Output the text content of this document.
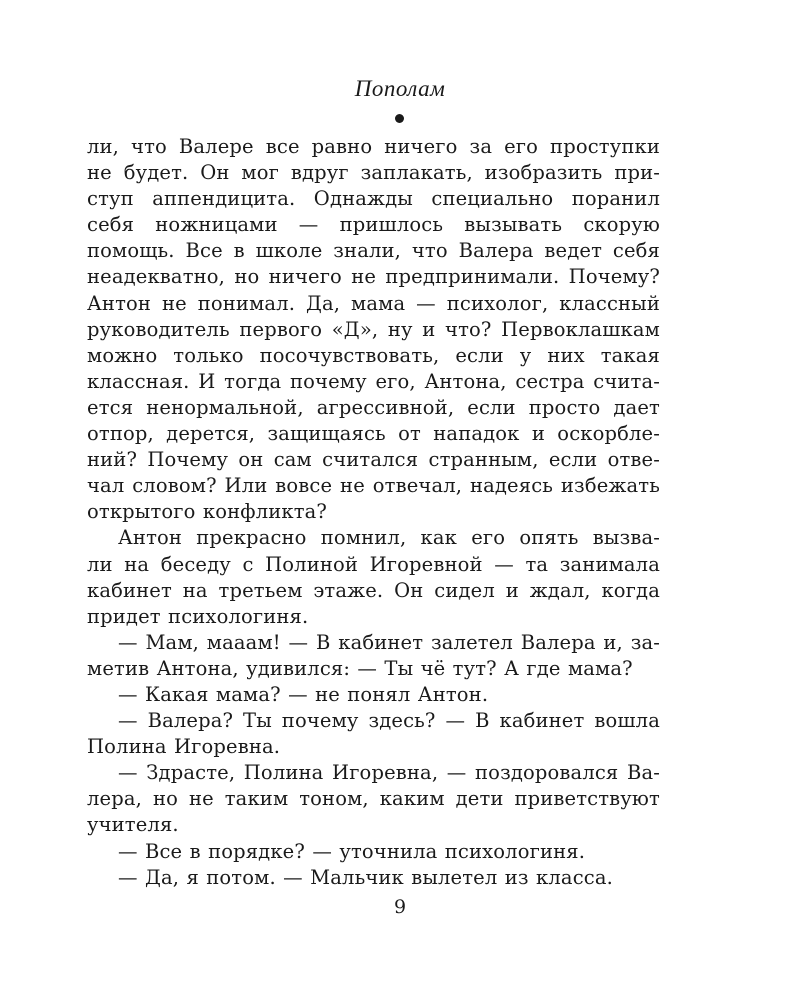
Пополам
ли, что Валере все равно ничего за его проступки
не будет. Он мог вдруг заплакать, изобразить при-
ступ аппендицита. Однажды специально поранил
себя ножницами — пришлось вызывать скорую
помощь. Все в школе знали, что Валера ведет себя
неадекватно, но ничего не предпринимали. Почему?
Антон не понимал. Да, мама — психолог, классный
руководитель первого «Д», ну и что? Первоклашкам
можно только посочувствовать, если у них такая
классная. И тогда почему его, Антона, сестра счита-
ется ненормальной, агрессивной, если просто дает
отпор, дерется, защищаясь от нападок и оскорбле-
ний? Почему он сам считался странным, если отве-
чал словом? Или вовсе не отвечал, надеясь избежать
открытого конфликта?
Антон прекрасно помнил, как его опять вызва-
ли на беседу с Полиной Игоревной — та занимала
кабинет на третьем этаже. Он сидел и ждал, когда
придет психологиня.
— Мам, мааам! — В кабинет залетел Валера и, за-
метив Антона, удивился: — Ты чё тут? А где мама?
— Какая мама? — не понял Антон.
— Валера? Ты почему здесь? — В кабинет вошла
Полина Игоревна.
— Здрасте, Полина Игоревна, — поздоровался Ва-
лера, но не таким тоном, каким дети приветствуют
учителя.
— Все в порядке? — уточнила психологиня.
— Да, я потом. — Мальчик вылетел из класса.
9
